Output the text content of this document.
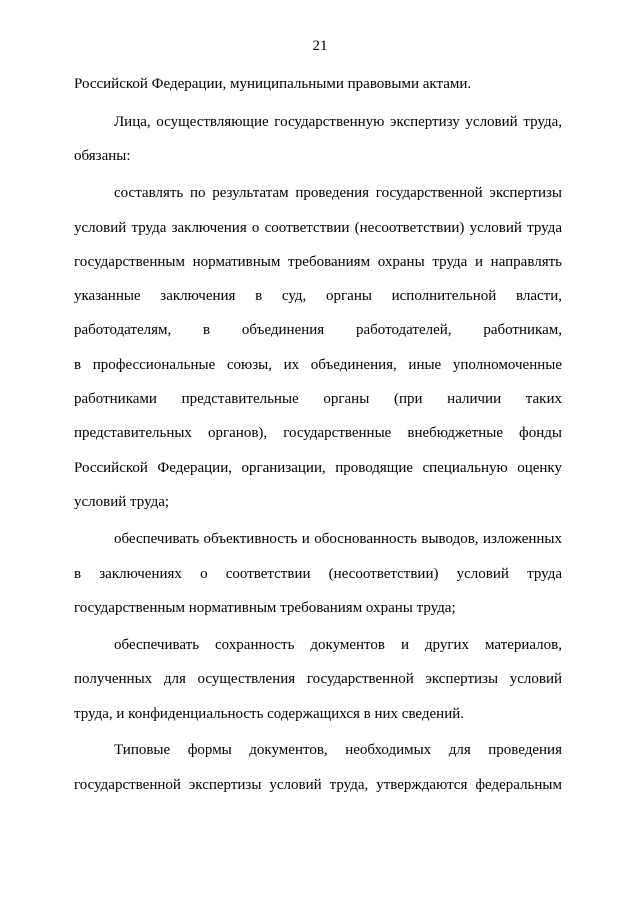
21
Российской Федерации, муниципальными правовыми актами.
Лица, осуществляющие государственную экспертизу условий труда,
обязаны:
составлять по результатам проведения государственной экспертизы
условий труда заключения о соответствии (несоответствии) условий труда
государственным нормативным требованиям охраны труда и направлять
указанные заключения в суд, органы исполнительной власти,
работодателям, в объединения работодателей, работникам,
в профессиональные союзы, их объединения, иные уполномоченные
работниками представительные органы (при наличии таких
представительных органов), государственные внебюджетные фонды
Российской Федерации, организации, проводящие специальную оценку
условий труда;
обеспечивать объективность и обоснованность выводов, изложенных
в заключениях о соответствии (несоответствии) условий труда
государственным нормативным требованиям охраны труда;
обеспечивать сохранность документов и других материалов,
полученных для осуществления государственной экспертизы условий
труда, и конфиденциальность содержащихся в них сведений.
Типовые формы документов, необходимых для проведения
государственной экспертизы условий труда, утверждаются федеральным
